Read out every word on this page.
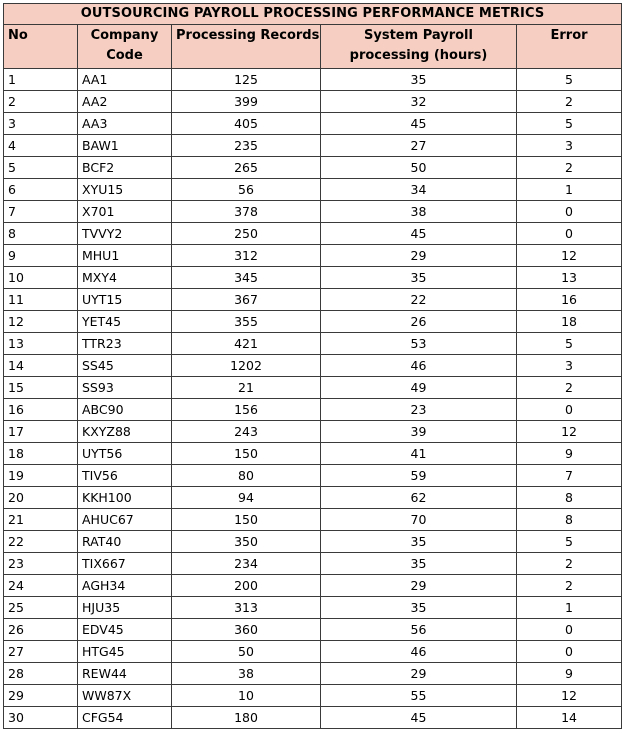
OUTSOURCING PAYROLL PROCESSING PERFORMANCE METRICS				
No	Company Code	Processing Records	System Payroll processing (hours)	Error
1	AA1	125	35	5
2	AA2	399	32	2
3	AA3	405	45	5
4	BAW1	235	27	3
5	BCF2	265	50	2
6	XYU15	56	34	1
7	X701	378	38	0
8	TVVY2	250	45	0
9	MHU1	312	29	12
10	MXY4	345	35	13
11	UYT15	367	22	16
12	YET45	355	26	18
13	TTR23	421	53	5
14	SS45	1202	46	3
15	SS93	21	49	2
16	ABC90	156	23	0
17	KXYZ88	243	39	12
18	UYT56	150	41	9
19	TIV56	80	59	7
20	KKH100	94	62	8
21	AHUC67	150	70	8
22	RAT40	350	35	5
23	TIX667	234	35	2
24	AGH34	200	29	2
25	HJU35	313	35	1
26	EDV45	360	56	0
27	HTG45	50	46	0
28	REW44	38	29	9
29	WW87X	10	55	12
30	CFG54	180	45	14
